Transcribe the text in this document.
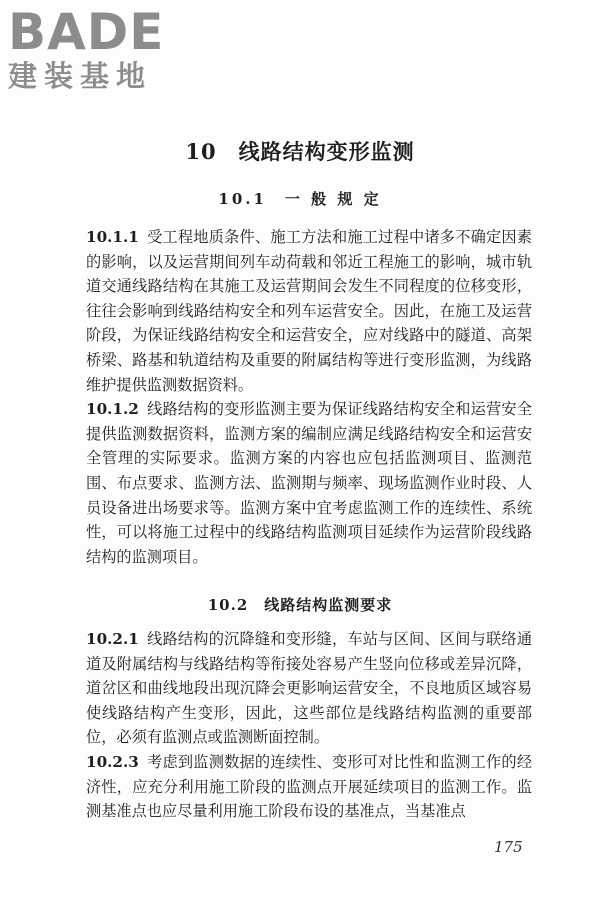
BADE
建装基地
10　线路结构变形监测
10.1　一 般 规 定

10.1.1 受工程地质条件、施工方法和施工过程中诸多不确定因素的影响，以及运营期间列车动荷载和邻近工程施工的影响，城市轨道交通线路结构在其施工及运营期间会发生不同程度的位移变形，往往会影响到线路结构安全和列车运营安全。因此，在施工及运营阶段，为保证线路结构安全和运营安全，应对线路中的隧道、高架桥梁、路基和轨道结构及重要的附属结构等进行变形监测，为线路维护提供监测数据资料。

10.1.2 线路结构的变形监测主要为保证线路结构安全和运营安全提供监测数据资料，监测方案的编制应满足线路结构安全和运营安全管理的实际要求。监测方案的内容也应包括监测项目、监测范围、布点要求、监测方法、监测期与频率、现场监测作业时段、人员设备进出场要求等。监测方案中宜考虑监测工作的连续性、系统性，可以将施工过程中的线路结构监测项目延续作为运营阶段线路结构的监测项目。

10.2　线路结构监测要求

10.2.1 线路结构的沉降缝和变形缝，车站与区间、区间与联络通道及附属结构与线路结构等衔接处容易产生竖向位移或差异沉降，道岔区和曲线地段出现沉降会更影响运营安全，不良地质区域容易使线路结构产生变形，因此，这些部位是线路结构监测的重要部位，必须有监测点或监测断面控制。

10.2.3 考虑到监测数据的连续性、变形可对比性和监测工作的经济性，应充分利用施工阶段的监测点开展延续项目的监测工作。监测基准点也应尽量利用施工阶段布设的基准点，当基准点

175
